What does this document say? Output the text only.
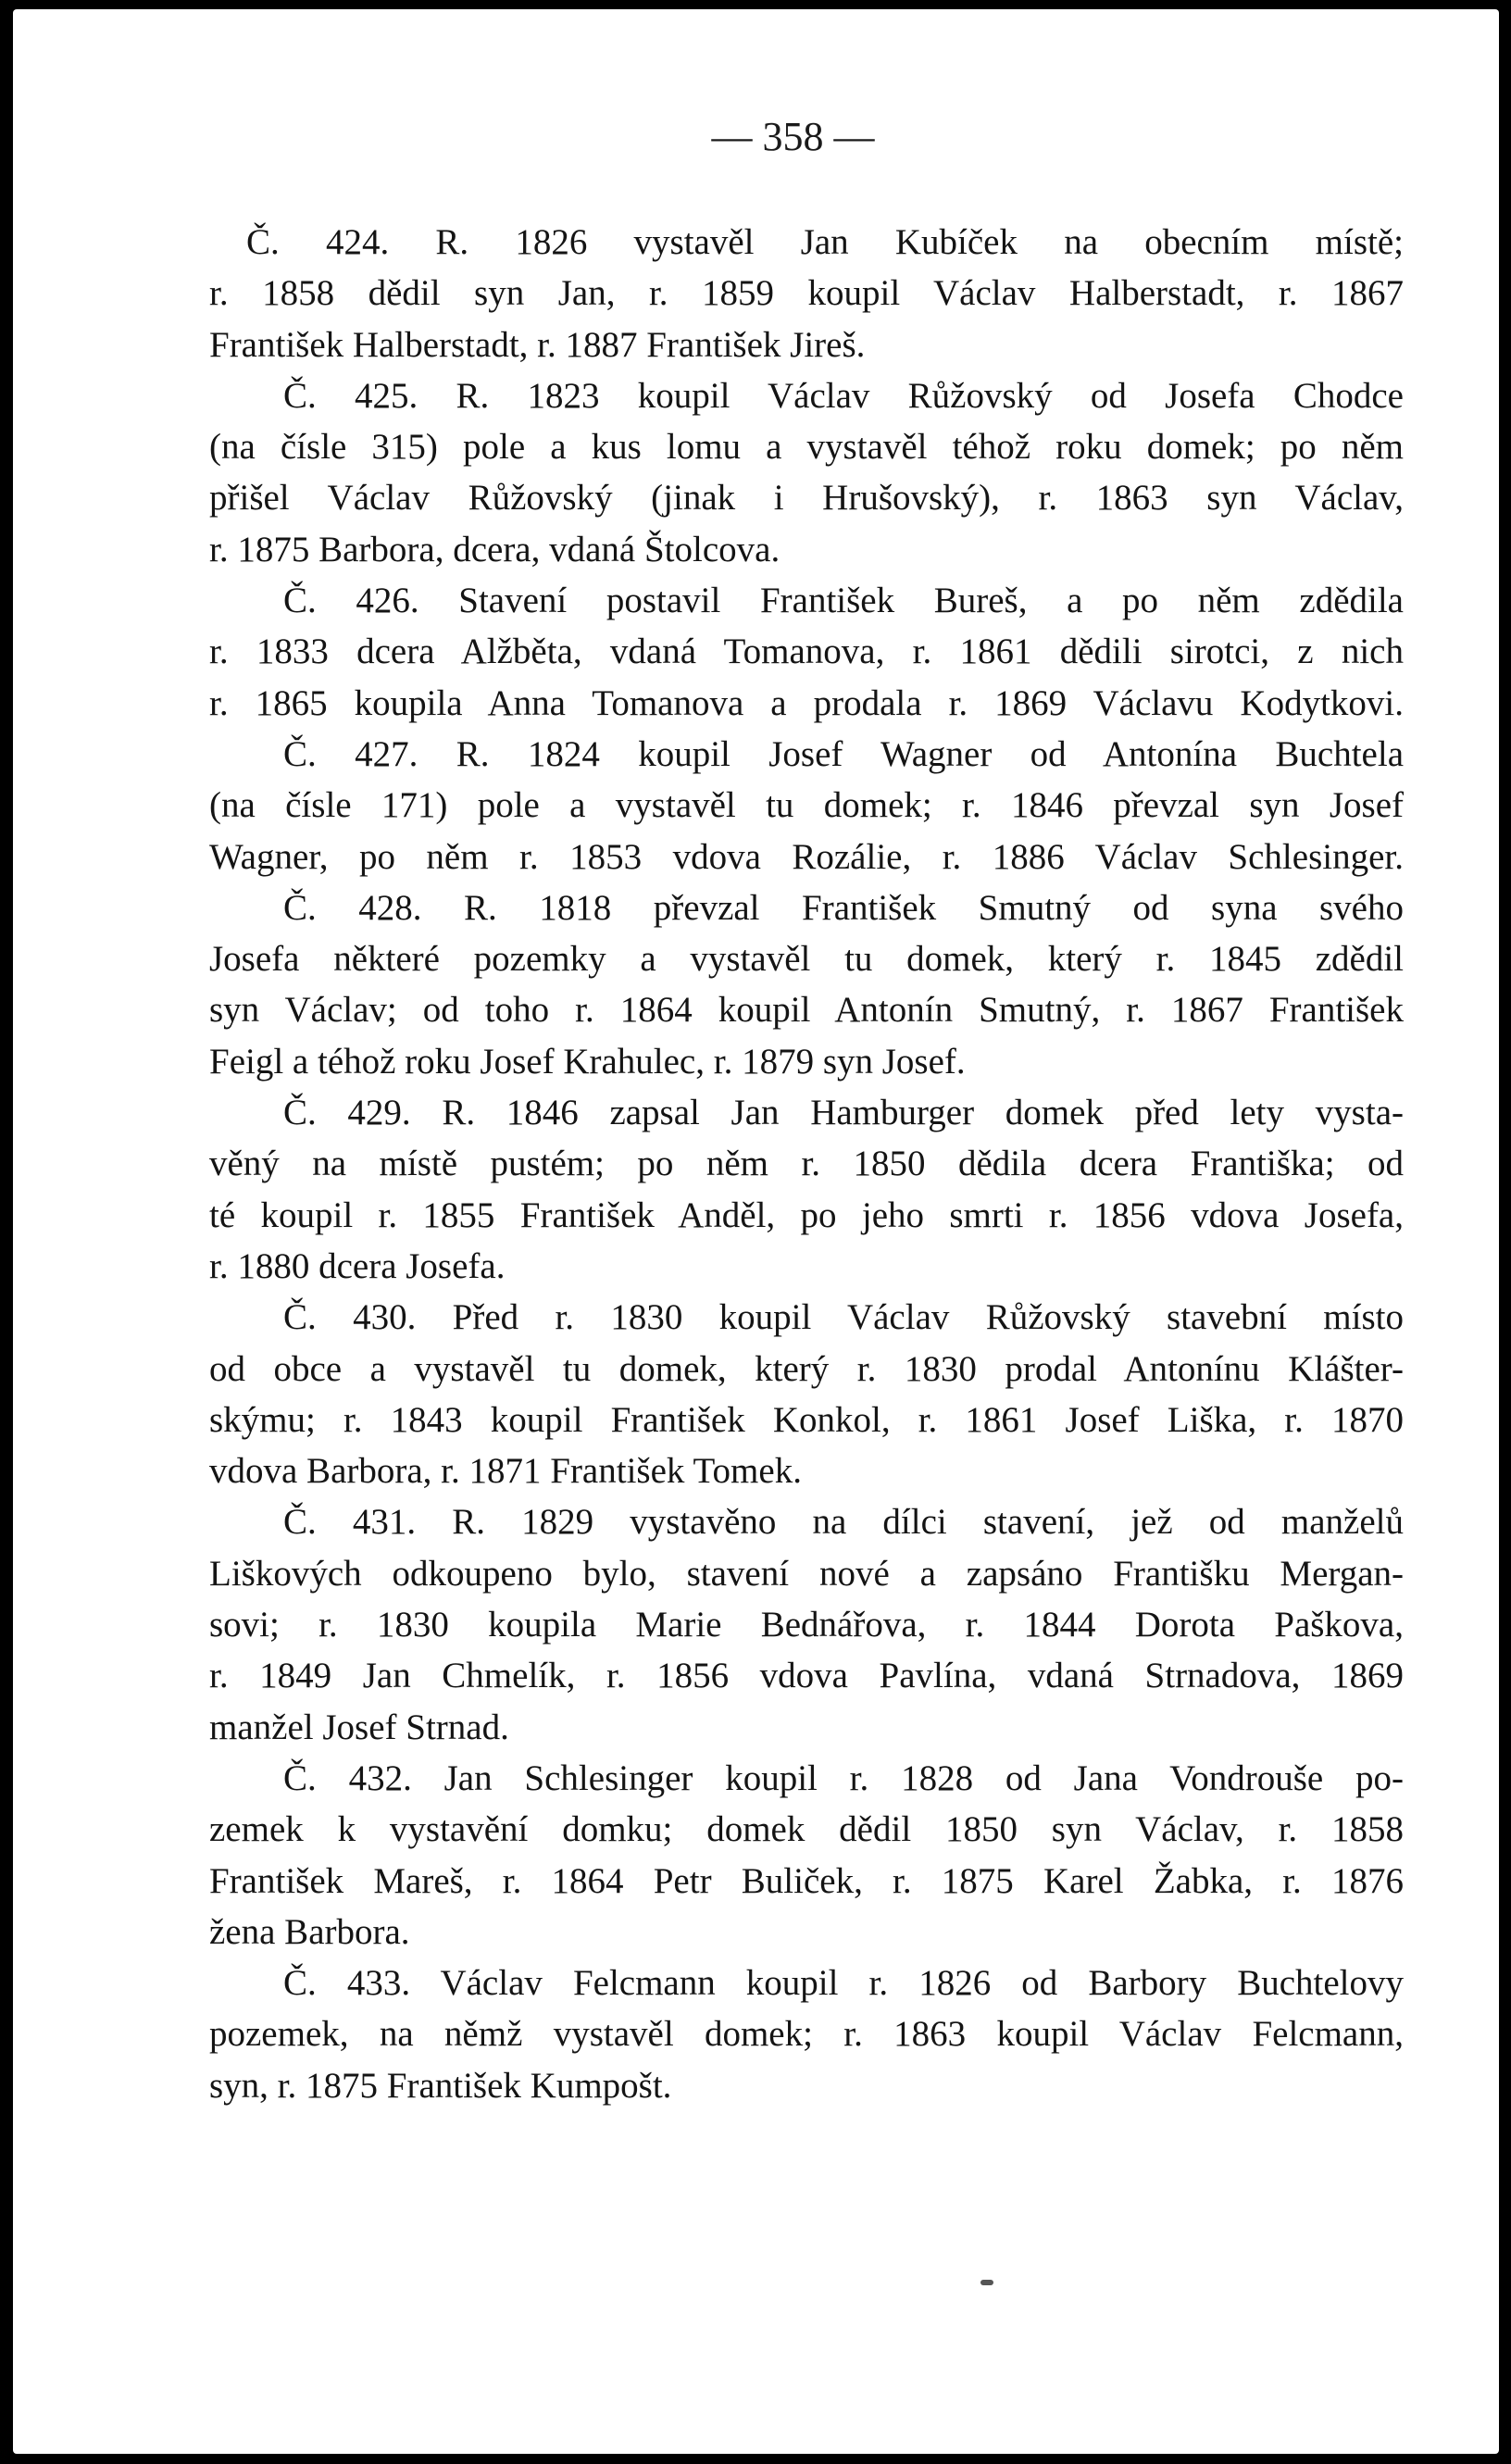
— 358 —
Č. 424. R. 1826 vystavěl Jan Kubíček na obecním místě;
r. 1858 dědil syn Jan, r. 1859 koupil Václav Halberstadt, r. 1867
František Halberstadt, r. 1887 František Jireš.
Č. 425. R. 1823 koupil Václav Růžovský od Josefa Chodce
(na čísle 315) pole a kus lomu a vystavěl téhož roku domek; po něm
přišel Václav Růžovský (jinak i Hrušovský), r. 1863 syn Václav,
r. 1875 Barbora, dcera, vdaná Štolcova.
Č. 426. Stavení postavil František Bureš, a po něm zdědila
r. 1833 dcera Alžběta, vdaná Tomanova, r. 1861 dědili sirotci, z nich
r. 1865 koupila Anna Tomanova a prodala r. 1869 Václavu Kodytkovi.
Č. 427. R. 1824 koupil Josef Wagner od Antonína Buchtela
(na čísle 171) pole a vystavěl tu domek; r. 1846 převzal syn Josef
Wagner, po něm r. 1853 vdova Rozálie, r. 1886 Václav Schlesinger.
Č. 428. R. 1818 převzal František Smutný od syna svého
Josefa některé pozemky a vystavěl tu domek, který r. 1845 zdědil
syn Václav; od toho r. 1864 koupil Antonín Smutný, r. 1867 František
Feigl a téhož roku Josef Krahulec, r. 1879 syn Josef.
Č. 429. R. 1846 zapsal Jan Hamburger domek před lety vysta-
věný na místě pustém; po něm r. 1850 dědila dcera Františka; od
té koupil r. 1855 František Anděl, po jeho smrti r. 1856 vdova Josefa,
r. 1880 dcera Josefa.
Č. 430. Před r. 1830 koupil Václav Růžovský stavební místo
od obce a vystavěl tu domek, který r. 1830 prodal Antonínu Klášter-
skýmu; r. 1843 koupil František Konkol, r. 1861 Josef Liška, r. 1870
vdova Barbora, r. 1871 František Tomek.
Č. 431. R. 1829 vystavěno na dílci stavení, jež od manželů
Liškových odkoupeno bylo, stavení nové a zapsáno Františku Mergan-
sovi; r. 1830 koupila Marie Bednářova, r. 1844 Dorota Paškova,
r. 1849 Jan Chmelík, r. 1856 vdova Pavlína, vdaná Strnadova, 1869
manžel Josef Strnad.
Č. 432. Jan Schlesinger koupil r. 1828 od Jana Vondrouše po-
zemek k vystavění domku; domek dědil 1850 syn Václav, r. 1858
František Mareš, r. 1864 Petr Buliček, r. 1875 Karel Žabka, r. 1876
žena Barbora.
Č. 433. Václav Felcmann koupil r. 1826 od Barbory Buchtelovy
pozemek, na němž vystavěl domek; r. 1863 koupil Václav Felcmann,
syn, r. 1875 František Kumpošt.
